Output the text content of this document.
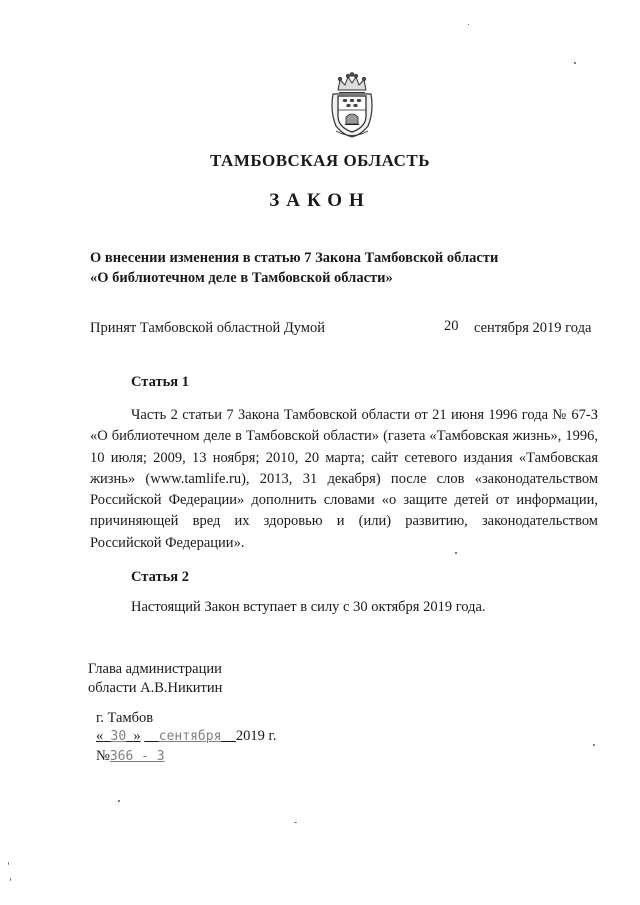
ТАМБОВСКАЯ ОБЛАСТЬ
ЗАКОН
О внесении изменения в статью 7 Закона Тамбовской области
«О библиотечном деле в Тамбовской области»
Принят Тамбовской областной Думой	20 сентября 2019 года
Статья 1
Часть 2 статьи 7 Закона Тамбовской области от 21 июня 1996 года № 67-З «О библиотечном деле в Тамбовской области» (газета «Тамбовская жизнь», 1996, 10 июля; 2009, 13 ноября; 2010, 20 марта; сайт сетевого издания «Тамбовская жизнь» (www.tamlife.ru), 2013, 31 декабря) после слов «законодательством Российской Федерации» дополнить словами «о защите детей от информации, причиняющей вред их здоровью и (или) развитию, законодательством Российской Федерации».
Статья 2
Настоящий Закон вступает в силу с 30 октября 2019 года.
Глава администрации
области А.В.Никитин
г. Тамбов
« 30 » сентября 2019 г.
№366 - З
